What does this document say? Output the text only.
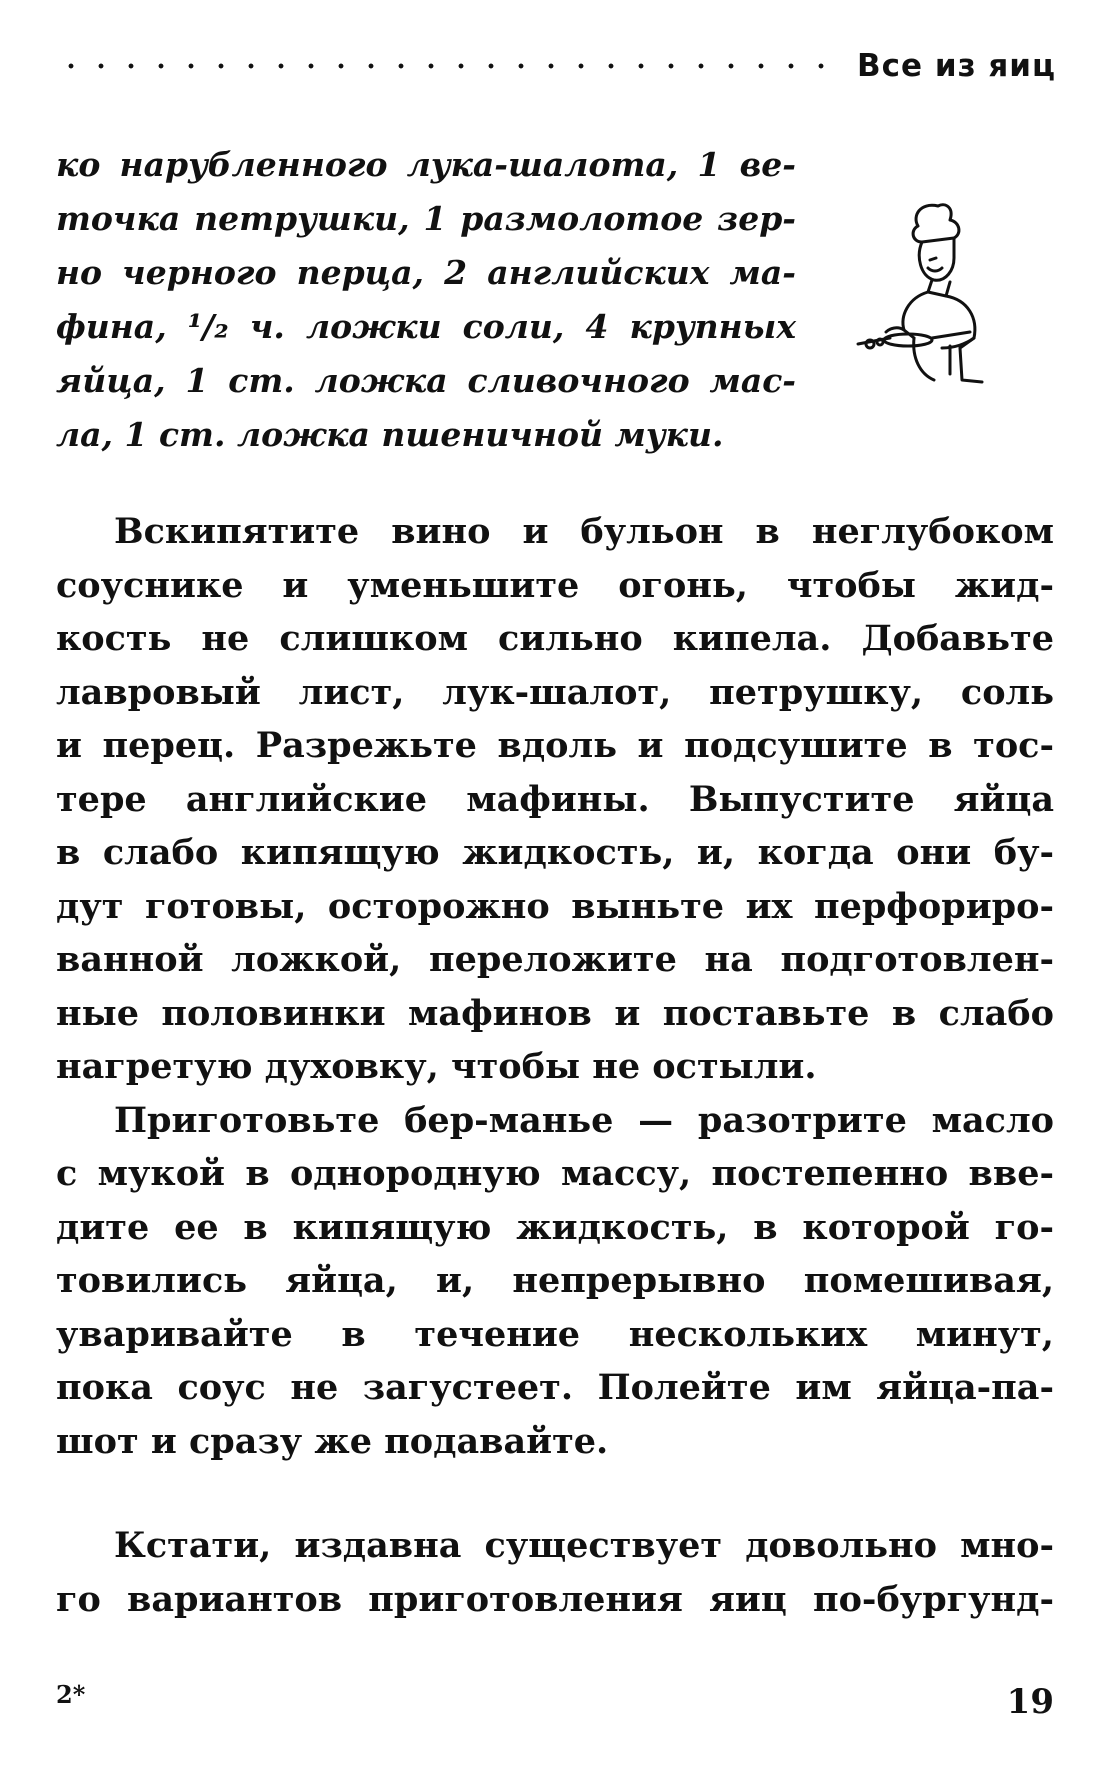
Все из яиц

ко нарубленного лука-шалота, 1 ве-
точка петрушки, 1 размолотое зер-
но черного перца, 2 английских ма-
фина, ¹/₂ ч. ложки соли, 4 крупных
яйца, 1 ст. ложка сливочного мас-
ла, 1 ст. ложка пшеничной муки.

Вскипятите вино и бульон в неглубоком
соуснике и уменьшите огонь, чтобы жид-
кость не слишком сильно кипела. Добавьте
лавровый лист, лук-шалот, петрушку, соль
и перец. Разрежьте вдоль и подсушите в тос-
тере английские мафины. Выпустите яйца
в слабо кипящую жидкость, и, когда они бу-
дут готовы, осторожно выньте их перфориро-
ванной ложкой, переложите на подготовлен-
ные половинки мафинов и поставьте в слабо
нагретую духовку, чтобы не остыли.
Приготовьте бер-манье — разотрите масло
с мукой в однородную массу, постепенно вве-
дите ее в кипящую жидкость, в которой го-
товились яйца, и, непрерывно помешивая,
уваривайте в течение нескольких минут,
пока соус не загустеет. Полейте им яйца-па-
шот и сразу же подавайте.
Кстати, издавна существует довольно мно-
го вариантов приготовления яиц по-бургунд-
2*	19
